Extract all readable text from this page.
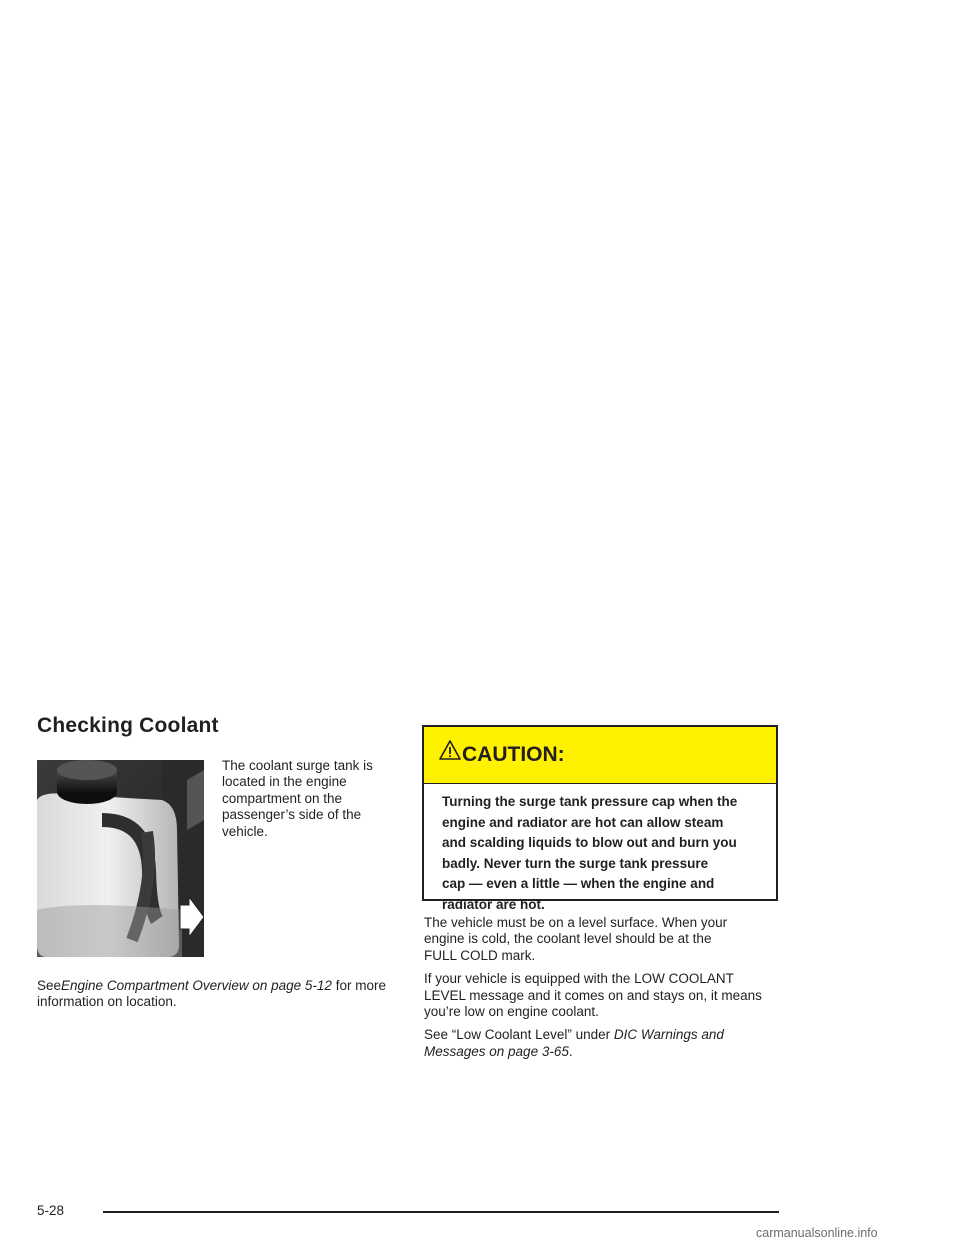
Checking Coolant

The coolant surge tank is
located in the engine
compartment on the
passenger’s side of the
vehicle.

SeeEngine Compartment Overview on page 5-12 for more information on location.

CAUTION:

Turning the surge tank pressure cap when the
engine and radiator are hot can allow steam
and scalding liquids to blow out and burn you
badly. Never turn the surge tank pressure
cap — even a little — when the engine and
radiator are hot.

The vehicle must be on a level surface. When your
engine is cold, the coolant level should be at the
FULL COLD mark.

If your vehicle is equipped with the LOW COOLANT
LEVEL message and it comes on and stays on, it means
you’re low on engine coolant.

See “Low Coolant Level” under DIC Warnings and
Messages on page 3-65.

5-28
carmanualsonline.info
